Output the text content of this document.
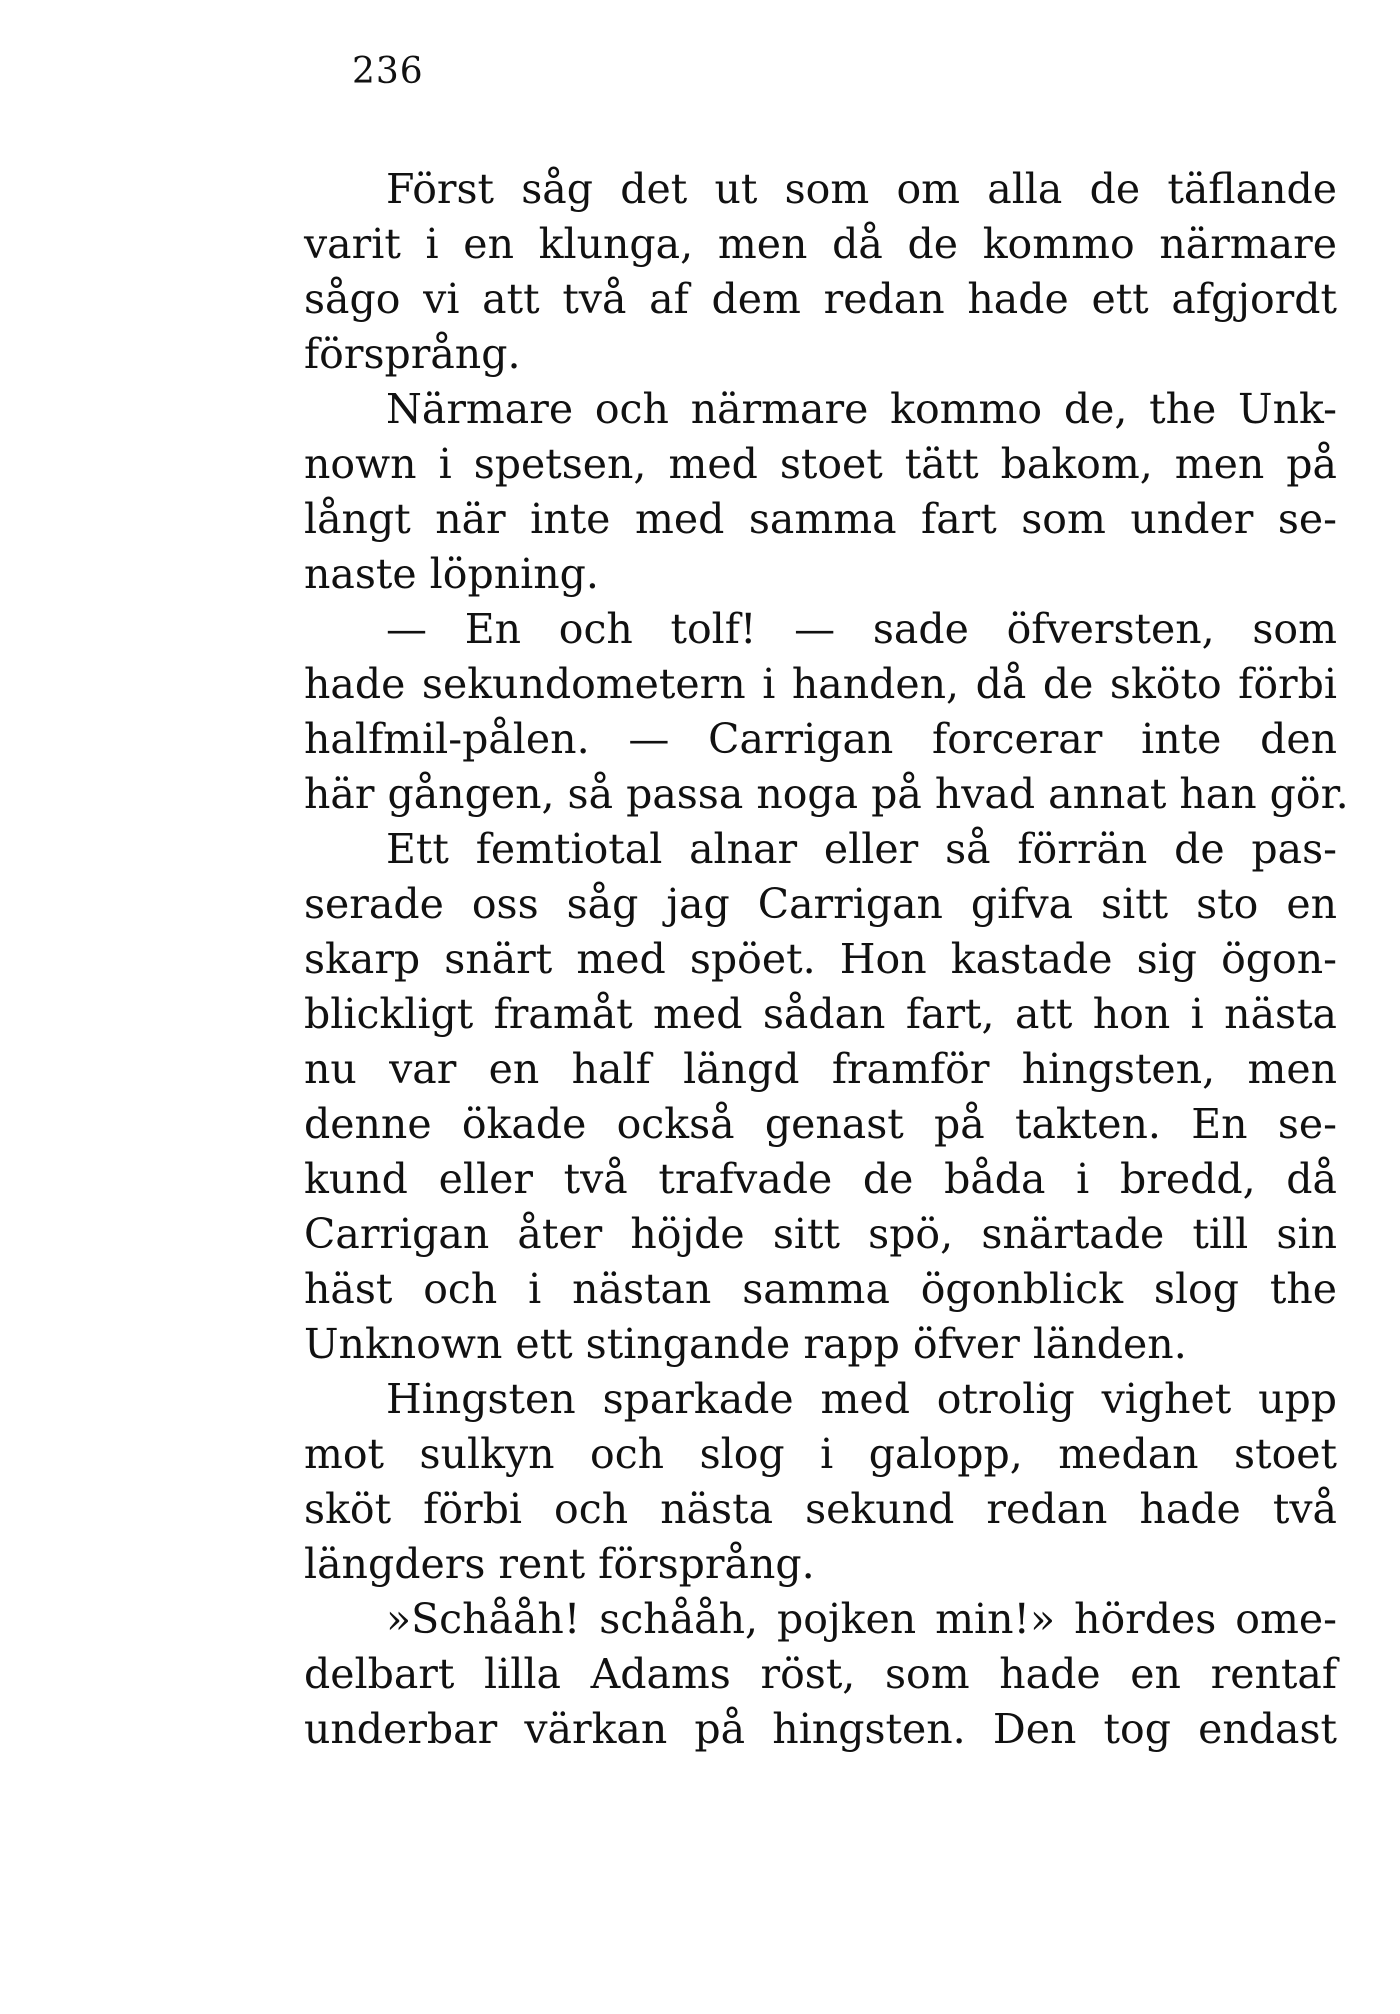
236
Först såg det ut som om alla de täflande
varit i en klunga, men då de kommo närmare
sågo vi att två af dem redan hade ett afgjordt
försprång.
Närmare och närmare kommo de, the Unk-
nown i spetsen, med stoet tätt bakom, men på
långt när inte med samma fart som under se-
naste löpning.
— En och tolf! — sade öfversten, som
hade sekundometern i handen, då de sköto förbi
halfmil-pålen. — Carrigan forcerar inte den
här gången, så passa noga på hvad annat han gör.
Ett femtiotal alnar eller så förrän de pas-
serade oss såg jag Carrigan gifva sitt sto en
skarp snärt med spöet. Hon kastade sig ögon-
blickligt framåt med sådan fart, att hon i nästa
nu var en half längd framför hingsten, men
denne ökade också genast på takten. En se-
kund eller två trafvade de båda i bredd, då
Carrigan åter höjde sitt spö, snärtade till sin
häst och i nästan samma ögonblick slog the
Unknown ett stingande rapp öfver länden.
Hingsten sparkade med otrolig vighet upp
mot sulkyn och slog i galopp, medan stoet
sköt förbi och nästa sekund redan hade två
längders rent försprång.
»Schååh! schååh, pojken min!» hördes ome-
delbart lilla Adams röst, som hade en rentaf
underbar värkan på hingsten. Den tog endast
